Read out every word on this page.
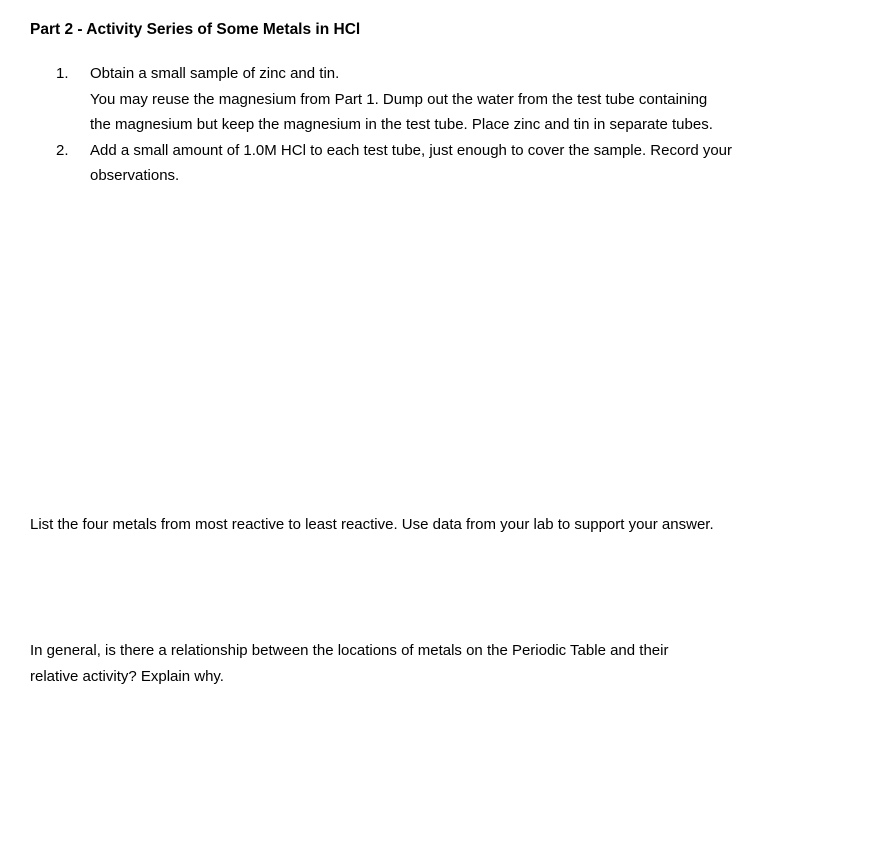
Part 2 - Activity Series of Some Metals in HCl
1.	Obtain a small sample of zinc and tin.
You may reuse the magnesium from Part 1. Dump out the water from the test tube containing
the magnesium but keep the magnesium in the test tube. Place zinc and tin in separate tubes.
2.	Add a small amount of 1.0M HCl to each test tube, just enough to cover the sample. Record your
observations.
List the four metals from most reactive to least reactive. Use data from your lab to support your answer.
In general, is there a relationship between the locations of metals on the Periodic Table and their
relative activity? Explain why.
